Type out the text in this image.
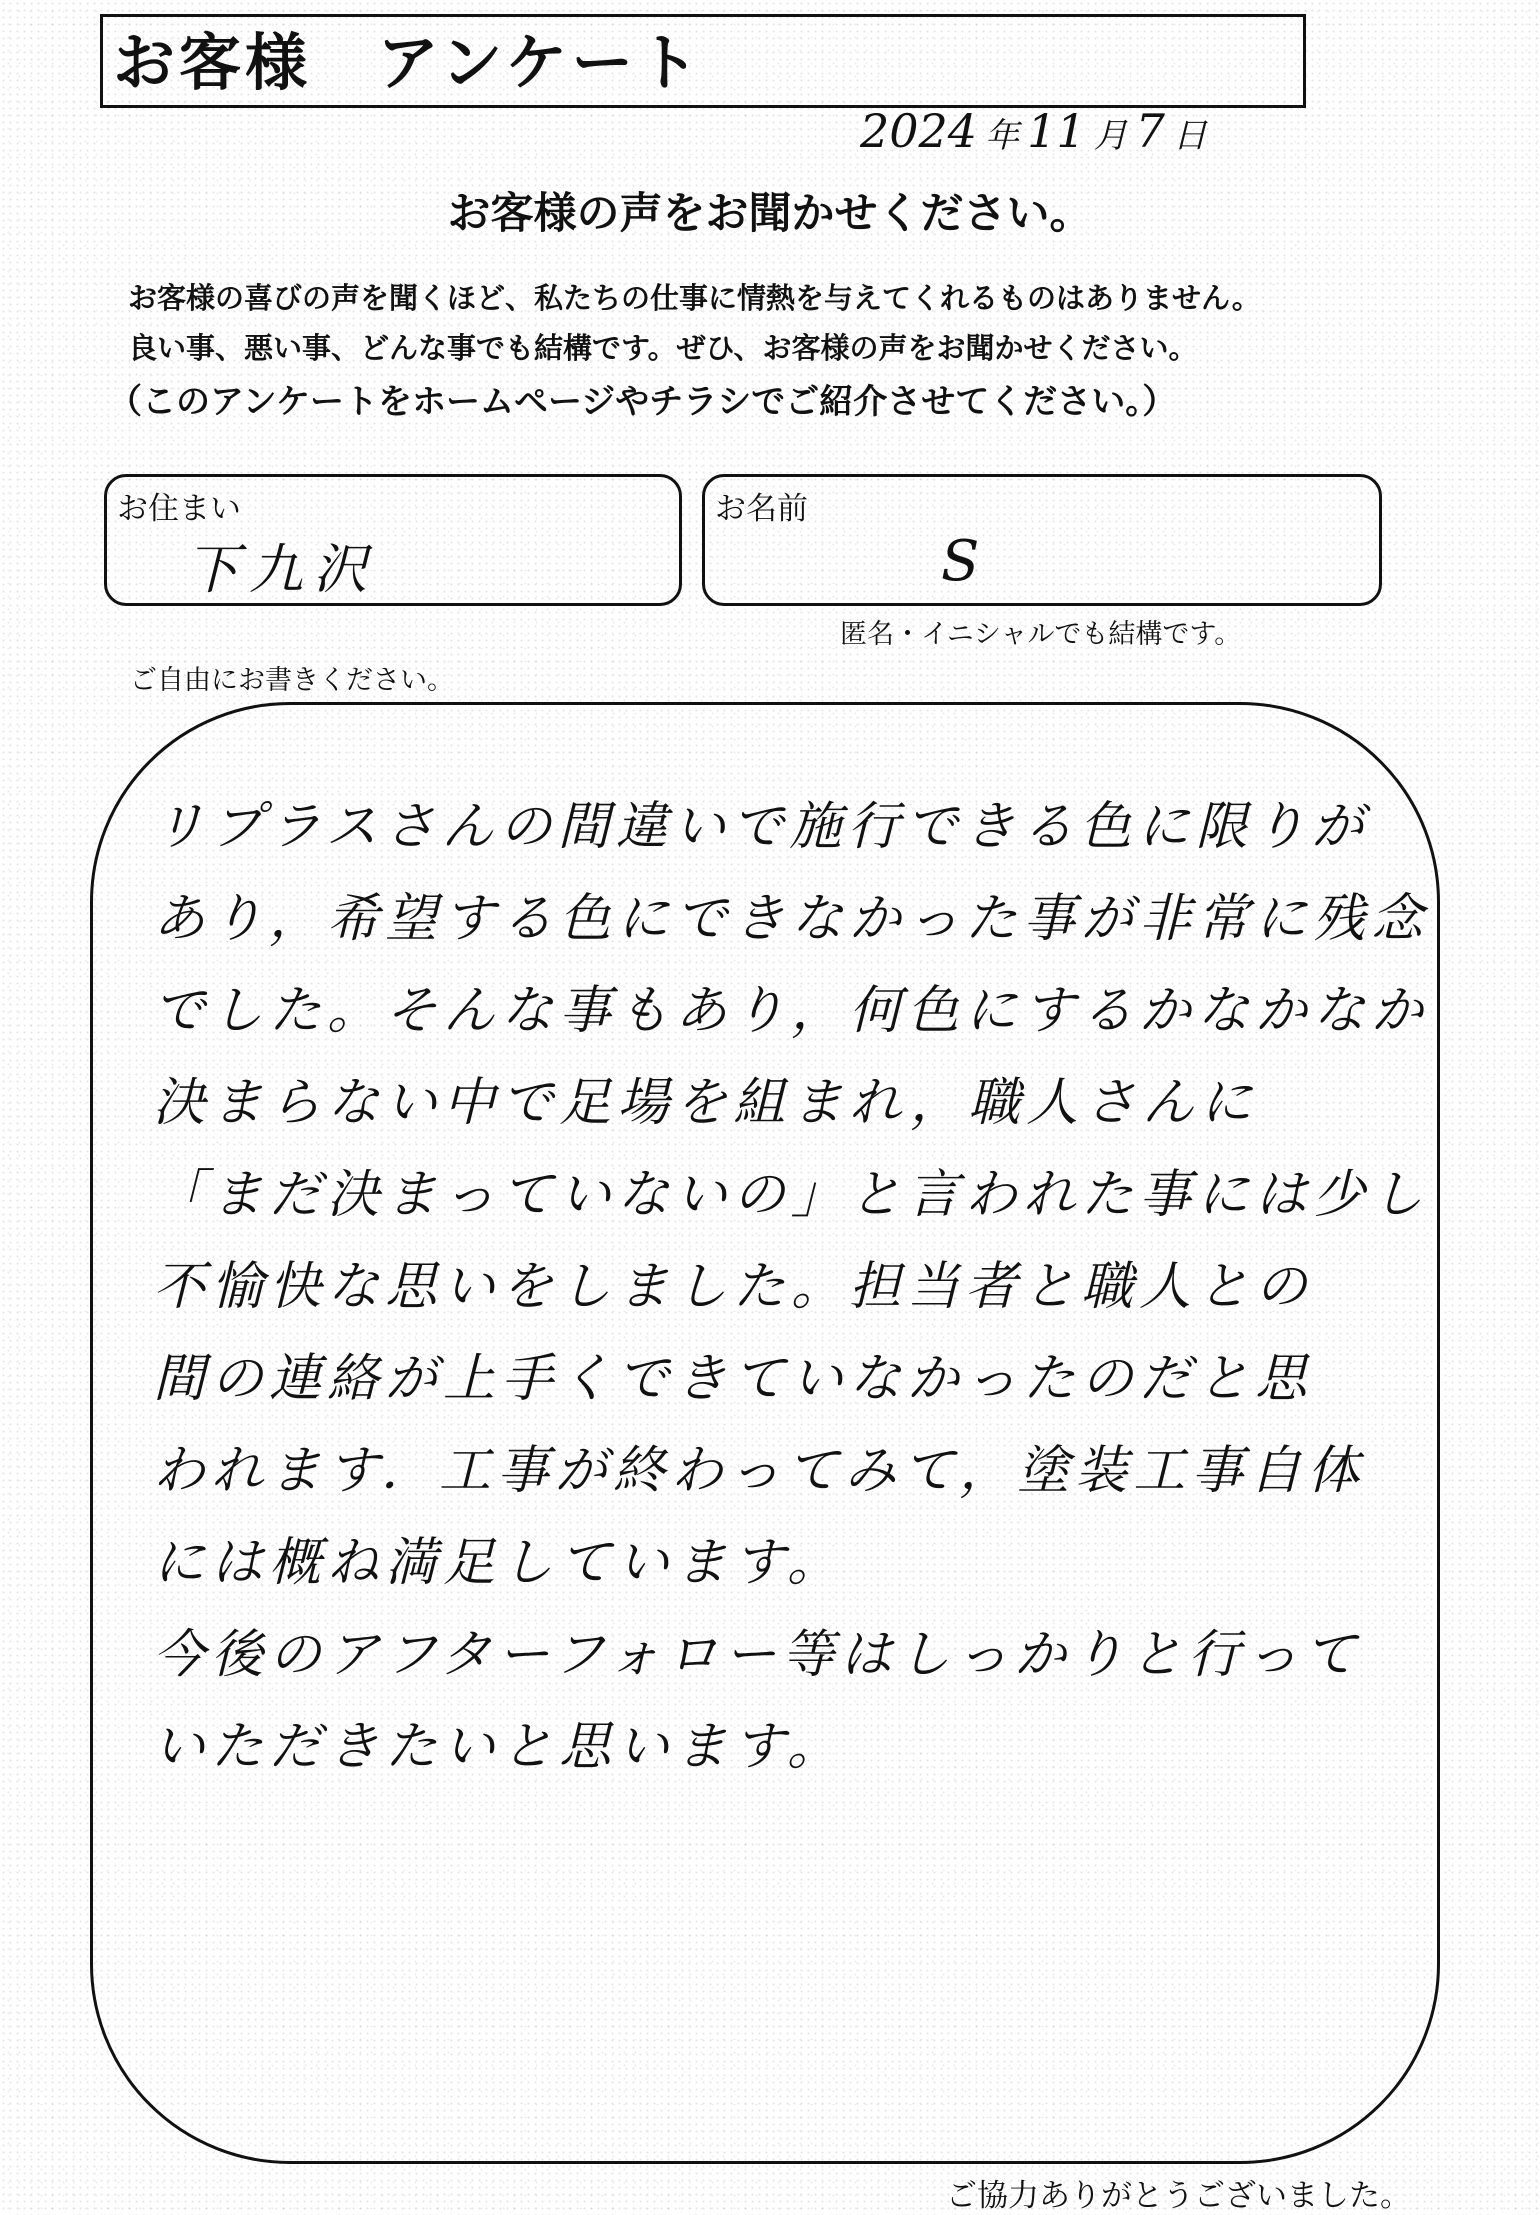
お客様　アンケート
2024 年 11 月 7 日
お客様の声をお聞かせください。
お客様の喜びの声を聞くほど、私たちの仕事に情熱を与えてくれるものはありません。
良い事、悪い事、どんな事でも結構です。ぜひ、お客様の声をお聞かせください。
（このアンケートをホームページやチラシでご紹介させてください。）
お住まい
下九沢
お名前
S
匿名・イニシャルでも結構です。
ご自由にお書きください。
リプラスさんの間違いで施行できる色に限りが
あり，希望する色にできなかった事が非常に残念
でした。そんな事もあり，何色にするかなかなか
決まらない中で足場を組まれ，職人さんに
「まだ決まっていないの」と言われた事には少し
不愉快な思いをしました。担当者と職人との
間の連絡が上手くできていなかったのだと思
われます．工事が終わってみて，塗装工事自体
には概ね満足しています。
今後のアフターフォロー等はしっかりと行って
いただきたいと思います。
ご協力ありがとうございました。
